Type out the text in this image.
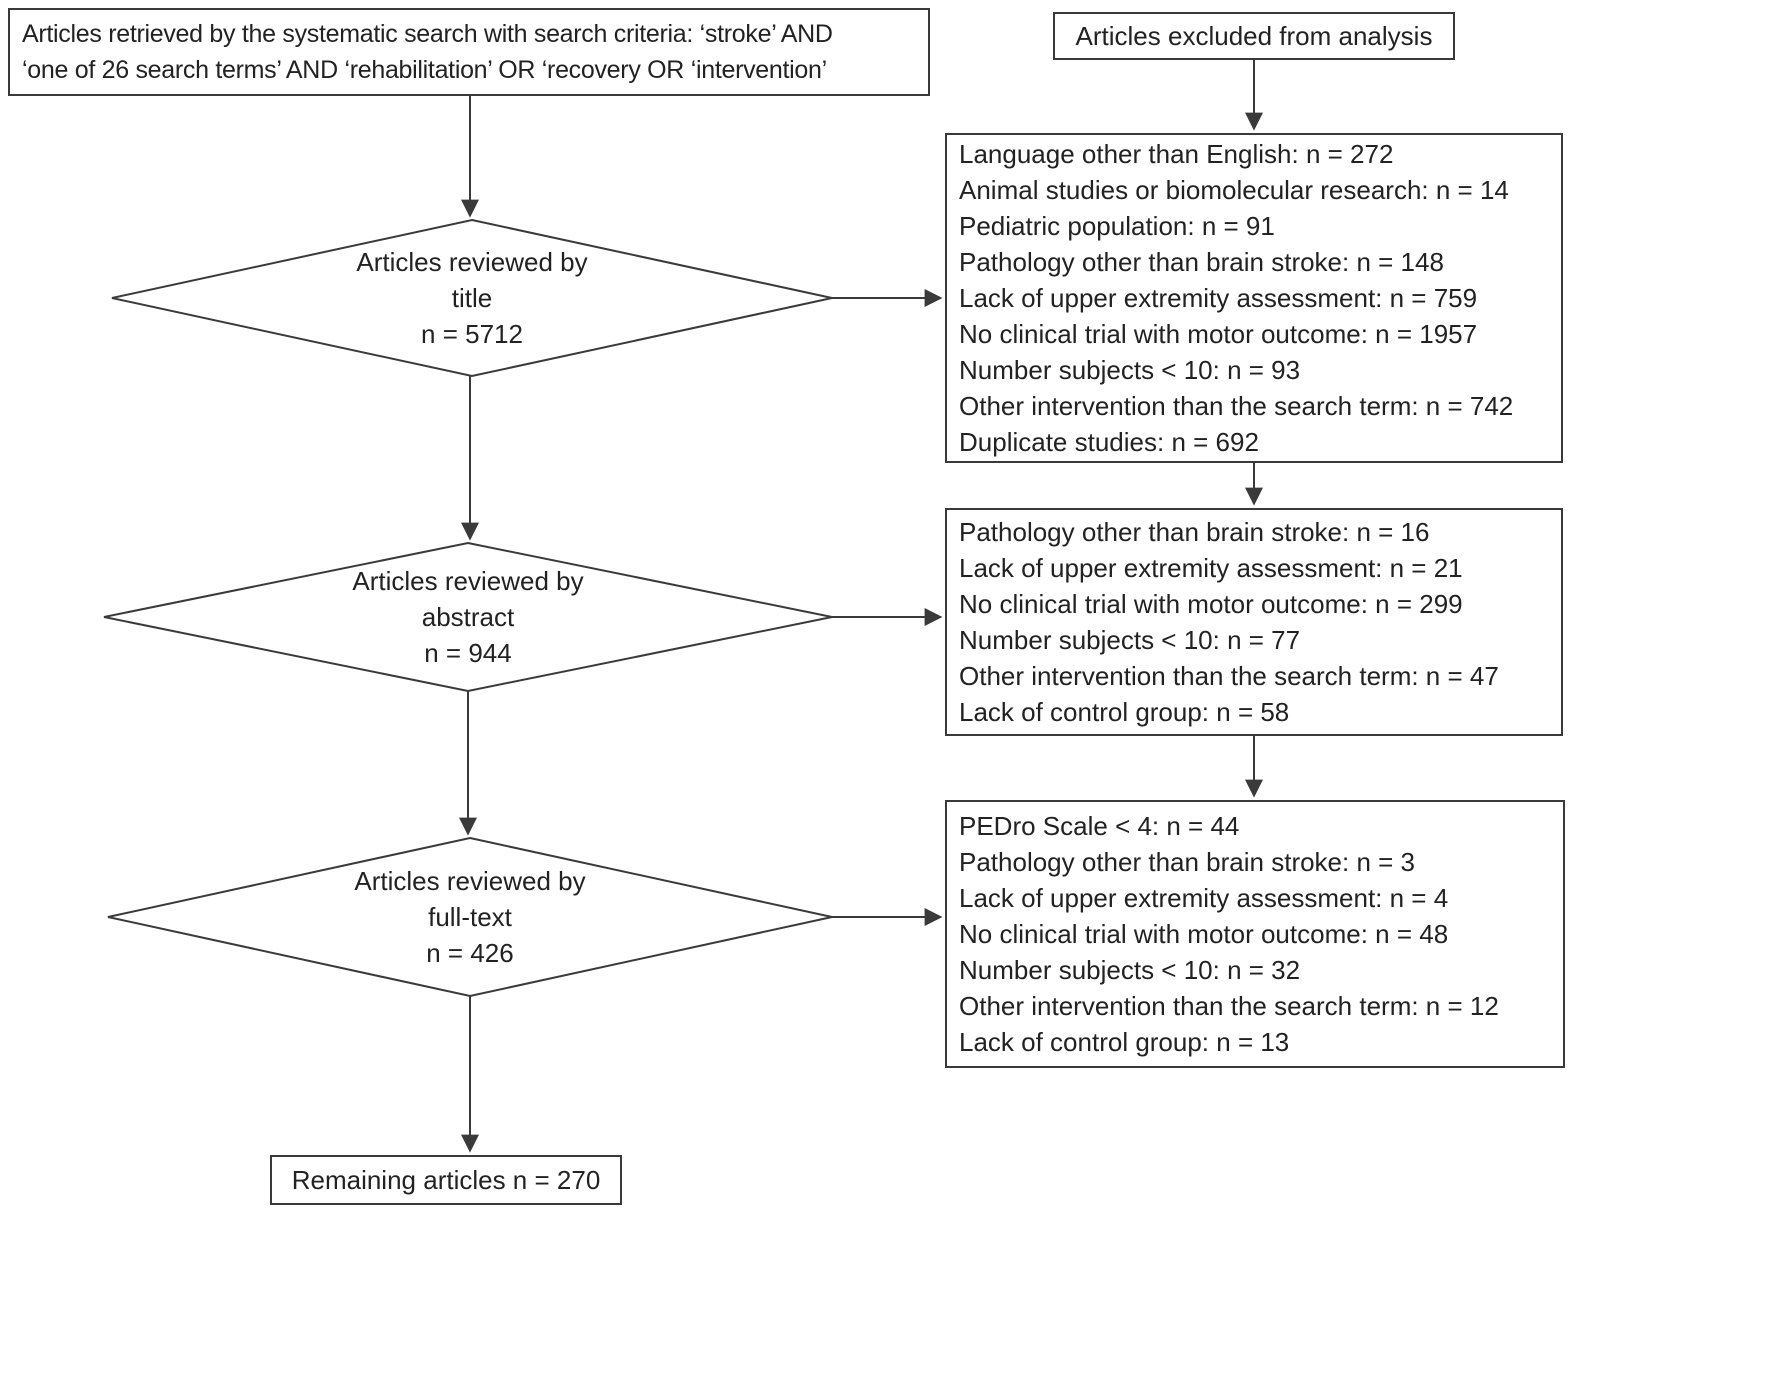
Articles retrieved by the systematic search with search criteria: ‘stroke’ AND
‘one of 26 search terms’ AND ‘rehabilitation’ OR ‘recovery OR ‘intervention’
Articles excluded from analysis
Articles reviewed by
title
n = 5712
Articles reviewed by
abstract
n = 944
Articles reviewed by
full-text
n = 426
Language other than English: n = 272
Animal studies or biomolecular research: n = 14
Pediatric population: n = 91
Pathology other than brain stroke: n = 148
Lack of upper extremity assessment: n = 759
No clinical trial with motor outcome: n = 1957
Number subjects < 10: n = 93
Other intervention than the search term: n = 742
Duplicate studies: n = 692
Pathology other than brain stroke: n = 16
Lack of upper extremity assessment: n = 21
No clinical trial with motor outcome: n = 299
Number subjects < 10: n = 77
Other intervention than the search term: n = 47
Lack of control group: n = 58
PEDro Scale < 4: n = 44
Pathology other than brain stroke: n = 3
Lack of upper extremity assessment: n = 4
No clinical trial with motor outcome: n = 48
Number subjects < 10: n = 32
Other intervention than the search term: n = 12
Lack of control group: n = 13
Remaining articles n = 270
